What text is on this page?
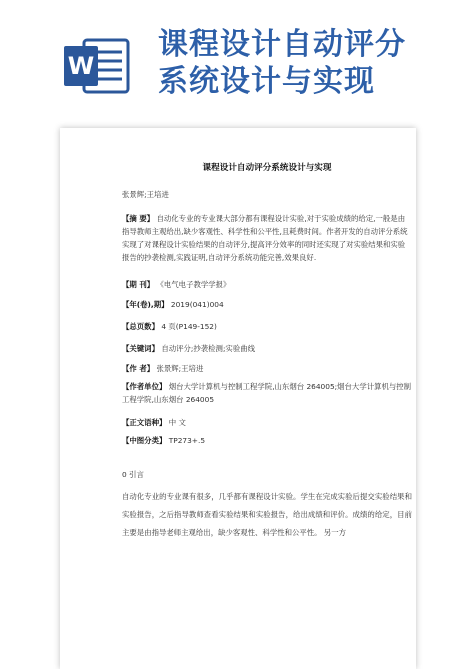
W
课程设计自动评分
系统设计与实现
课程设计自动评分系统设计与实现
张景辉;王培进
【摘 要】 自动化专业的专业课大部分都有课程设计实验,对于实验成绩的给定,一般是由指导教师主观给出,缺少客观性、科学性和公平性,且耗费时间。作者开发的自动评分系统实现了对课程设计实验结果的自动评分,提高评分效率的同时还实现了对实验结果和实验报告的抄袭检测,实践证明,自动评分系统功能完善,效果良好.
【期 刊】 《电气电子教学学报》
【年(卷),期】 2019(041)004
【总页数】 4 页(P149-152)
【关键词】 自动评分;抄袭检测;实验曲线
【作 者】 张景辉;王培进
【作者单位】 烟台大学计算机与控制工程学院,山东烟台 264005;烟台大学计算机与控制工程学院,山东烟台 264005
【正文语种】 中 文
【中图分类】 TP273+.5
0 引言
自动化专业的专业课有很多，几乎都有课程设计实验。学生在完成实验后提交实验结果和实验报告，之后指导教师查看实验结果和实验报告，给出成绩和评价。成绩的给定，目前主要是由指导老师主观给出，缺少客观性、科学性和公平性。 另一方
